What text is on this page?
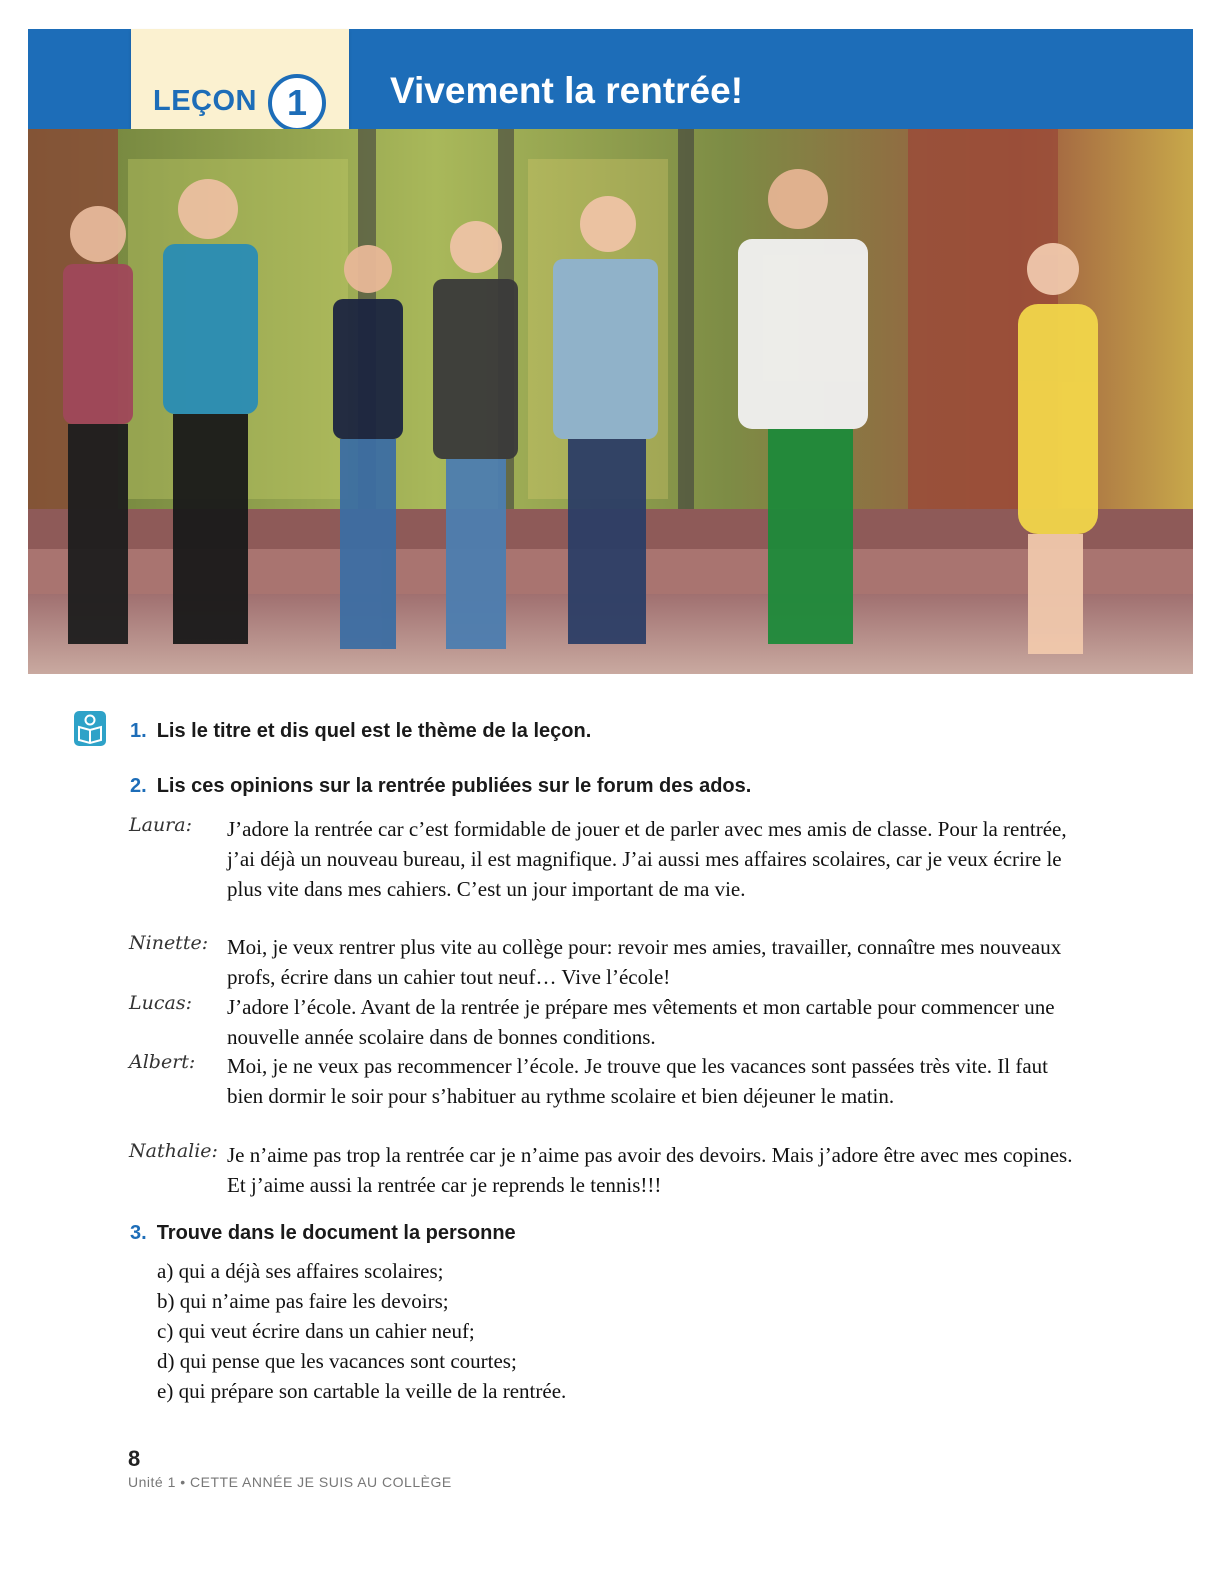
LEÇON 1	Vivement la rentrée!
1. Lis le titre et dis quel est le thème de la leçon.
2. Lis ces opinions sur la rentrée publiées sur le forum des ados.
Laura: J’adore la rentrée car c’est formidable de jouer et de parler avec mes amis de classe. Pour la rentrée, j’ai déjà un nouveau bureau, il est magnifique. J’ai aussi mes affaires scolaires, car je veux écrire le plus vite dans mes cahiers. C’est un jour important de ma vie.
Ninette: Moi, je veux rentrer plus vite au collège pour: revoir mes amies, travailler, connaître mes nouveaux profs, écrire dans un cahier tout neuf… Vive l’école!
Lucas: J’adore l’école. Avant de la rentrée je prépare mes vêtements et mon cartable pour commencer une nouvelle année scolaire dans de bonnes conditions.
Albert: Moi, je ne veux pas recommencer l’école. Je trouve que les vacances sont passées très vite. Il faut bien dormir le soir pour s’habituer au rythme scolaire et bien déjeuner le matin.
Nathalie: Je n’aime pas trop la rentrée car je n’aime pas avoir des devoirs. Mais j’adore être avec mes copines. Et j’aime aussi la rentrée car je reprends le tennis!!!
3. Trouve dans le document la personne
a) qui a déjà ses affaires scolaires;
b) qui n’aime pas faire les devoirs;
c) qui veut écrire dans un cahier neuf;
d) qui pense que les vacances sont courtes;
e) qui prépare son cartable la veille de la rentrée.
8
Unité 1 • CETTE ANNÉE JE SUIS AU COLLÈGE
